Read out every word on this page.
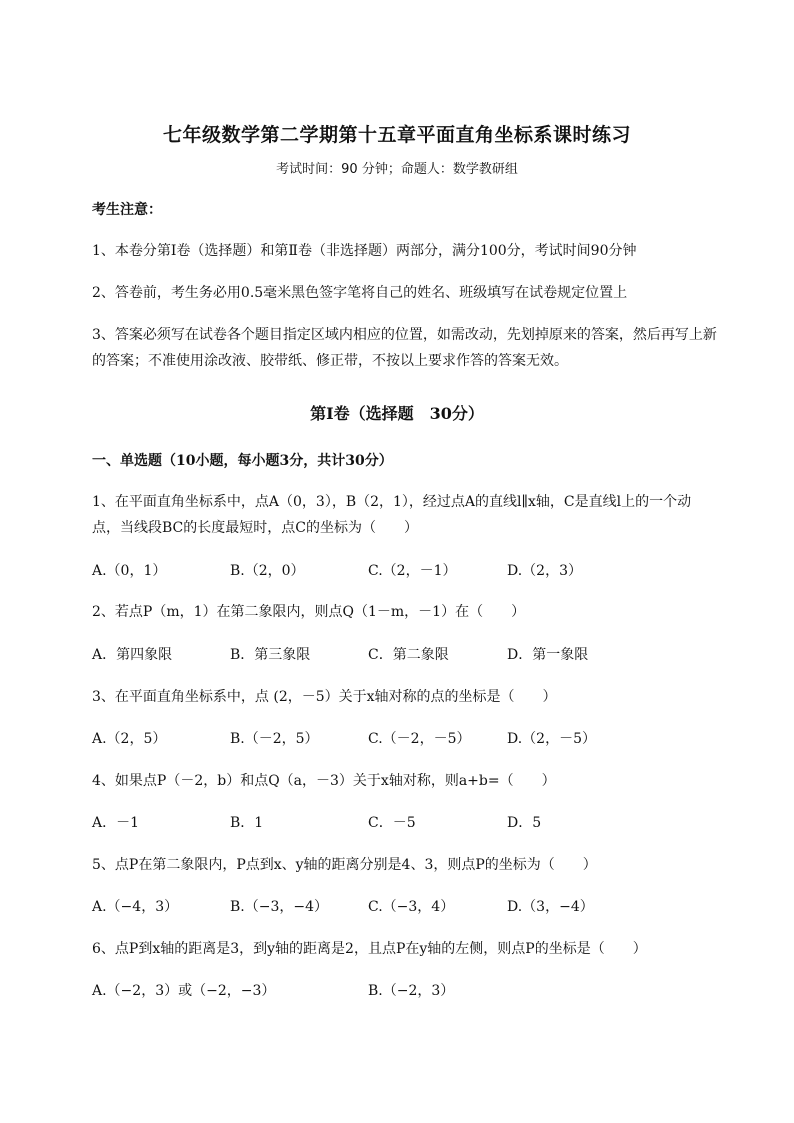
七年级数学第二学期第十五章平面直角坐标系课时练习
考试时间：90 分钟；命题人：数学教研组
考生注意：
1、本卷分第Ⅰ卷（选择题）和第Ⅱ卷（非选择题）两部分，满分100分，考试时间90分钟
2、答卷前，考生务必用0.5毫米黑色签字笔将自己的姓名、班级填写在试卷规定位置上
3、答案必须写在试卷各个题目指定区域内相应的位置，如需改动，先划掉原来的答案，然后再写上新
的答案；不准使用涂改液、胶带纸、修正带，不按以上要求作答的答案无效。
第Ⅰ卷（选择题　30分）
一、单选题（10小题，每小题3分，共计30分）
1、在平面直角坐标系中，点A（0，3），B（2，1），经过点A的直线l∥x轴，C是直线l上的一个动
点，当线段BC的长度最短时，点C的坐标为（　　）
A.（0，1）	B.（2，0）	C.（2，－1）	D.（2，3）
2、若点P（m，1）在第二象限内，则点Q（1－m，－1）在（　　）
A．第四象限	B．第三象限	C．第二象限	D．第一象限
3、在平面直角坐标系中，点 (2，－5）关于x轴对称的点的坐标是（　　）
A.（2，5）	B.（－2，5）	C.（－2，－5）	D.（2，－5）
4、如果点P（－2，b）和点Q（a，－3）关于x轴对称，则a+b=（　　）
A．－1	B．1	C．－5	D．5
5、点P在第二象限内，P点到x、y轴的距离分别是4、3，则点P的坐标为（　　）
A.（−4，3）	B.（−3，−4）	C.（−3，4）	D.（3，−4）
6、点P到x轴的距离是3，到y轴的距离是2，且点P在y轴的左侧，则点P的坐标是（　　）
A.（−2，3）或（−2，−3）	B.（−2，3）
